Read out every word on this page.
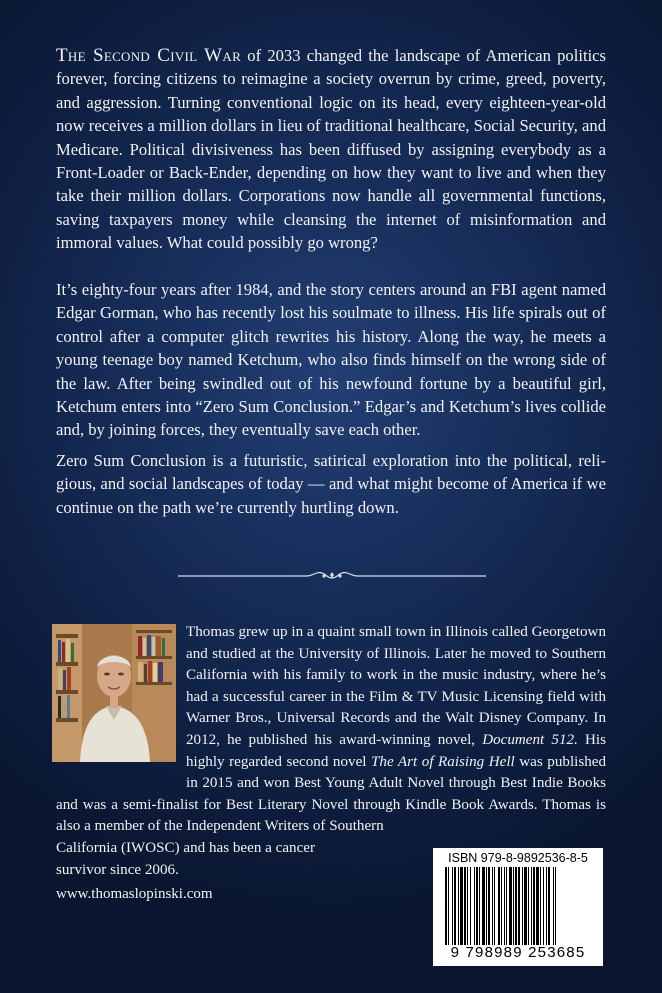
The Second Civil War of 2033 changed the landscape of American politics forever, forcing citizens to reimagine a society overrun by crime, greed, poverty, and aggression. Turning conventional logic on its head, every eighteen-year-old now receives a million dollars in lieu of traditional healthcare, Social Security, and Medicare. Political divisiveness has been diffused by assigning everybody as a Front-Loader or Back-Ender, depending on how they want to live and when they take their million dollars. Corporations now handle all governmental functions, saving taxpayers money while cleansing the internet of misinformation and immoral values. What could possibly go wrong?

It’s eighty-four years after 1984, and the story centers around an FBI agent named Edgar Gorman, who has recently lost his soulmate to illness. His life spirals out of control after a computer glitch rewrites his history. Along the way, he meets a young teenage boy named Ketchum, who also finds himself on the wrong side of the law. After being swindled out of his newfound fortune by a beautiful girl, Ketchum enters into “Zero Sum Conclusion.” Edgar’s and Ketchum’s lives collide and, by joining forces, they eventually save each other.

Zero Sum Conclusion is a futuristic, satirical exploration into the political, religious, and social landscapes of today — and what might become of America if we continue on the path we’re currently hurtling down.

Thomas grew up in a quaint small town in Illinois called Georgetown and studied at the University of Illinois. Later he moved to Southern California with his family to work in the music industry, where he’s had a successful career in the Film & TV Music Licensing field with Warner Bros., Universal Records and the Walt Disney Company. In 2012, he published his award-winning novel, Document 512. His highly regarded second novel The Art of Raising Hell was published in 2015 and won Best Young Adult Novel through Best Indie Books and was a semi-finalist for Best Literary Novel through Kindle Book Awards. Thomas is also a member of the Independent Writers of Southern
California (IWOSC) and has been a cancer survivor since 2006.

www.thomaslopinski.com
ISBN 979-8-9892536-8-5
9 798989 253685
